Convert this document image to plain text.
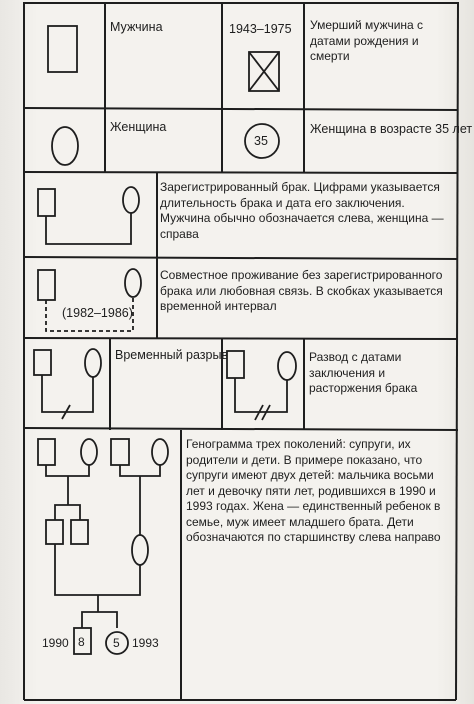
Мужчина	1943–1975 Умерший мужчина с датами рождения и смерти
Женщина
35
Женщина в возрасте 35 лет
Зарегистрированный брак. Цифрами указывается длительность брака и дата его заключения. Мужчина обычно обозначается слева, женщина — справа
(1982–1986)
Совместное проживание без зарегистрированного брака или любовная связь. В скобках указывается временной интервал
Временный разрыв	Развод с датами заключения и расторжения брака
1990 8 5 1993
Генограмма трех поколений: супруги, их родители и дети. В примере показано, что супруги имеют двух детей: мальчика восьми лет и девочку пяти лет, родившихся в 1990 и 1993 годах. Жена — единственный ребенок в семье, муж имеет младшего брата. Дети обозначаются по старшинству слева направо
